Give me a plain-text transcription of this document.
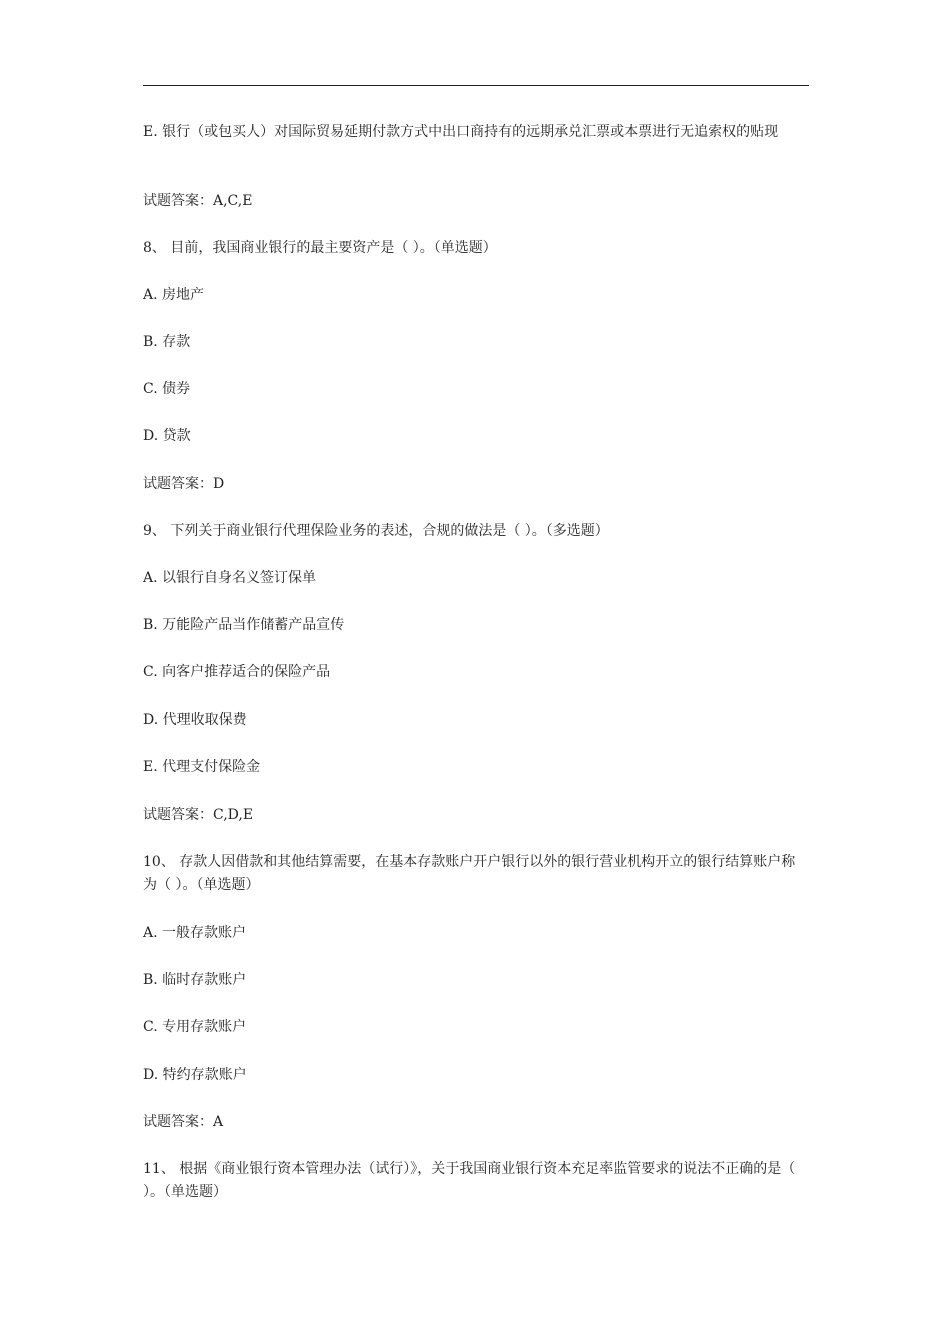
E. 银行（或包买人）对国际贸易延期付款方式中出口商持有的远期承兑汇票或本票进行无追索权的贴现
试题答案：A,C,E
8、 目前，我国商业银行的最主要资产是（ ）。（单选题）
A. 房地产
B. 存款
C. 债券
D. 贷款
试题答案：D
9、 下列关于商业银行代理保险业务的表述，合规的做法是（ ）。（多选题）
A. 以银行自身名义签订保单
B. 万能险产品当作储蓄产品宣传
C. 向客户推荐适合的保险产品
D. 代理收取保费
E. 代理支付保险金
试题答案：C,D,E
10、 存款人因借款和其他结算需要，在基本存款账户开户银行以外的银行营业机构开立的银行结算账户称为（ ）。（单选题）
A. 一般存款账户
B. 临时存款账户
C. 专用存款账户
D. 特约存款账户
试题答案：A
11、 根据《商业银行资本管理办法（试行）》，关于我国商业银行资本充足率监管要求的说法不正确的是（ ）。（单选题）
